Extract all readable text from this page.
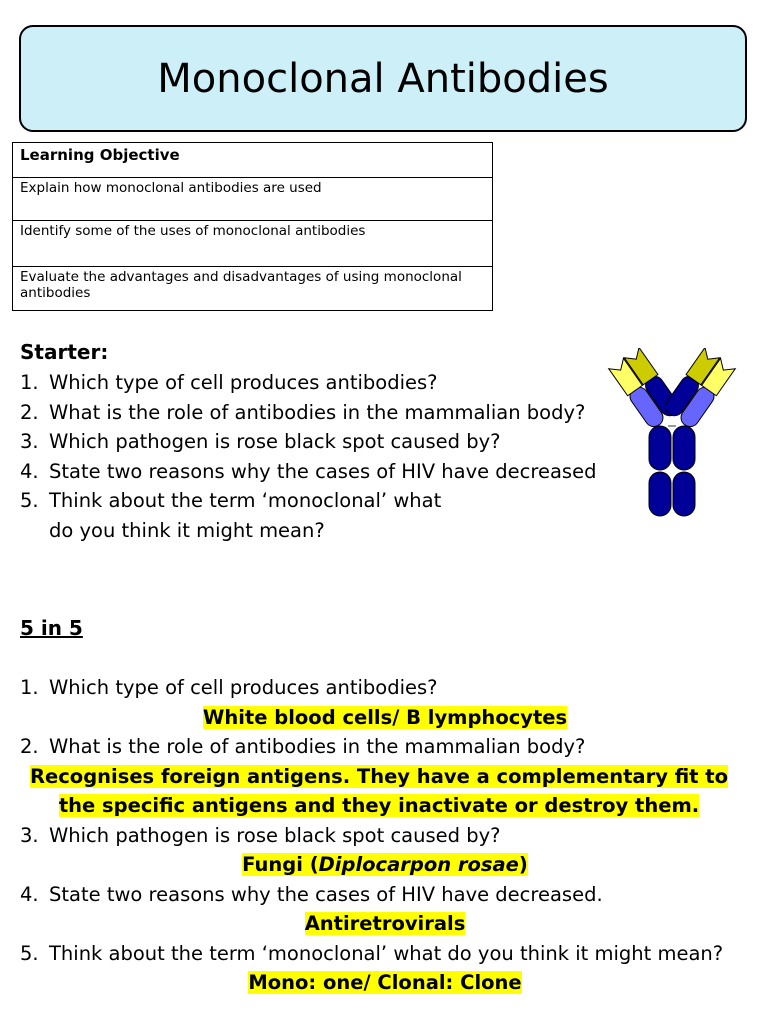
Monoclonal Antibodies
Learning Objective
Explain how monoclonal antibodies are used
Identify some of the uses of monoclonal antibodies
Evaluate the advantages and disadvantages of using monoclonal antibodies
Starter:
1. Which type of cell produces antibodies?
2. What is the role of antibodies in the mammalian body?
3. Which pathogen is rose black spot caused by?
4. State two reasons why the cases of HIV have decreased
5. Think about the term ‘monoclonal’ what do you think it might mean?
5 in 5
1. Which type of cell produces antibodies?
White blood cells/ B lymphocytes
2. What is the role of antibodies in the mammalian body?
Recognises foreign antigens. They have a complementary fit to the specific antigens and they inactivate or destroy them.
3. Which pathogen is rose black spot caused by?
Fungi (Diplocarpon rosae)
4. State two reasons why the cases of HIV have decreased.
Antiretrovirals
5. Think about the term ‘monoclonal’ what do you think it might mean?
Mono: one/ Clonal: Clone
